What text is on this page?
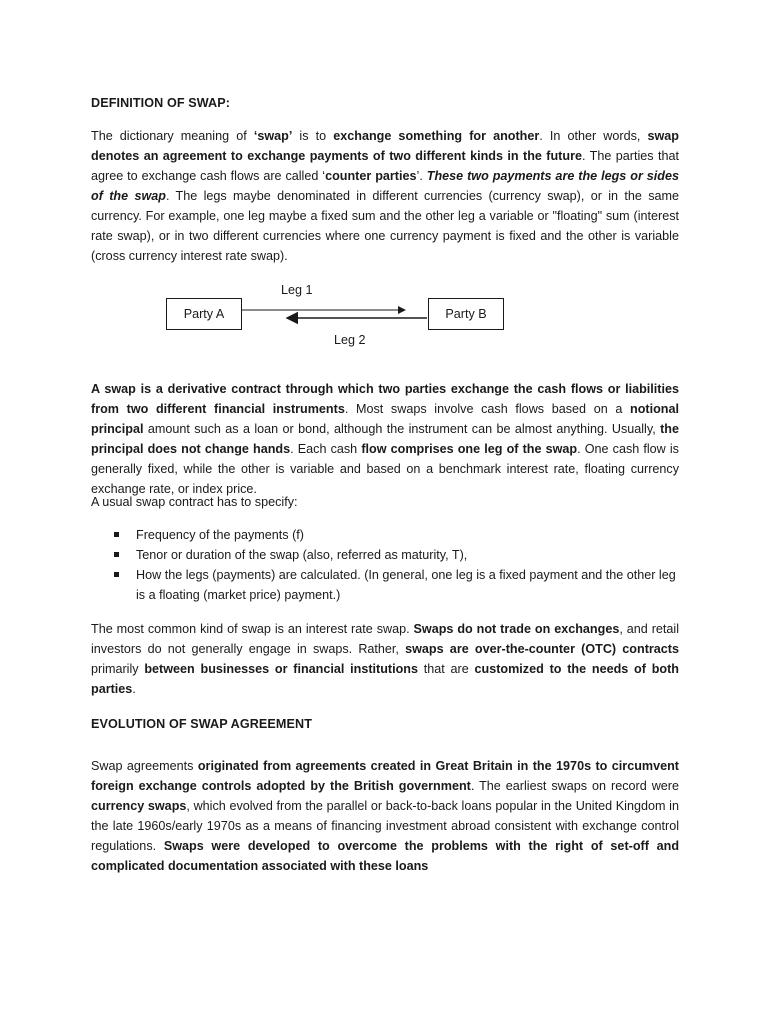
DEFINITION OF SWAP:
The dictionary meaning of ‘swap’ is to exchange something for another. In other words, swap denotes an agreement to exchange payments of two different kinds in the future. The parties that agree to exchange cash flows are called ‘counter parties’. These two payments are the legs or sides of the swap. The legs maybe denominated in different currencies (currency swap), or in the same currency. For example, one leg maybe a fixed sum and the other leg a variable or "floating" sum (interest rate swap), or in two different currencies where one currency payment is fixed and the other is variable (cross currency interest rate swap).
A swap is a derivative contract through which two parties exchange the cash flows or liabilities from two different financial instruments. Most swaps involve cash flows based on a notional principal amount such as a loan or bond, although the instrument can be almost anything. Usually, the principal does not change hands. Each cash flow comprises one leg of the swap. One cash flow is generally fixed, while the other is variable and based on a benchmark interest rate, floating currency exchange rate, or index price.
A usual swap contract has to specify:
Frequency of the payments (f)
Tenor or duration of the swap (also, referred as maturity, T),
How the legs (payments) are calculated. (In general, one leg is a fixed payment and the other leg is a floating (market price) payment.)
The most common kind of swap is an interest rate swap. Swaps do not trade on exchanges, and retail investors do not generally engage in swaps. Rather, swaps are over-the-counter (OTC) contracts primarily between businesses or financial institutions that are customized to the needs of both parties.
EVOLUTION OF SWAP AGREEMENT
Swap agreements originated from agreements created in Great Britain in the 1970s to circumvent foreign exchange controls adopted by the British government. The earliest swaps on record were currency swaps, which evolved from the parallel or back-to-back loans popular in the United Kingdom in the late 1960s/early 1970s as a means of financing investment abroad consistent with exchange control regulations. Swaps were developed to overcome the problems with the right of set-off and complicated documentation associated with these loans
Party A	Party B
Leg 1
Leg 2
